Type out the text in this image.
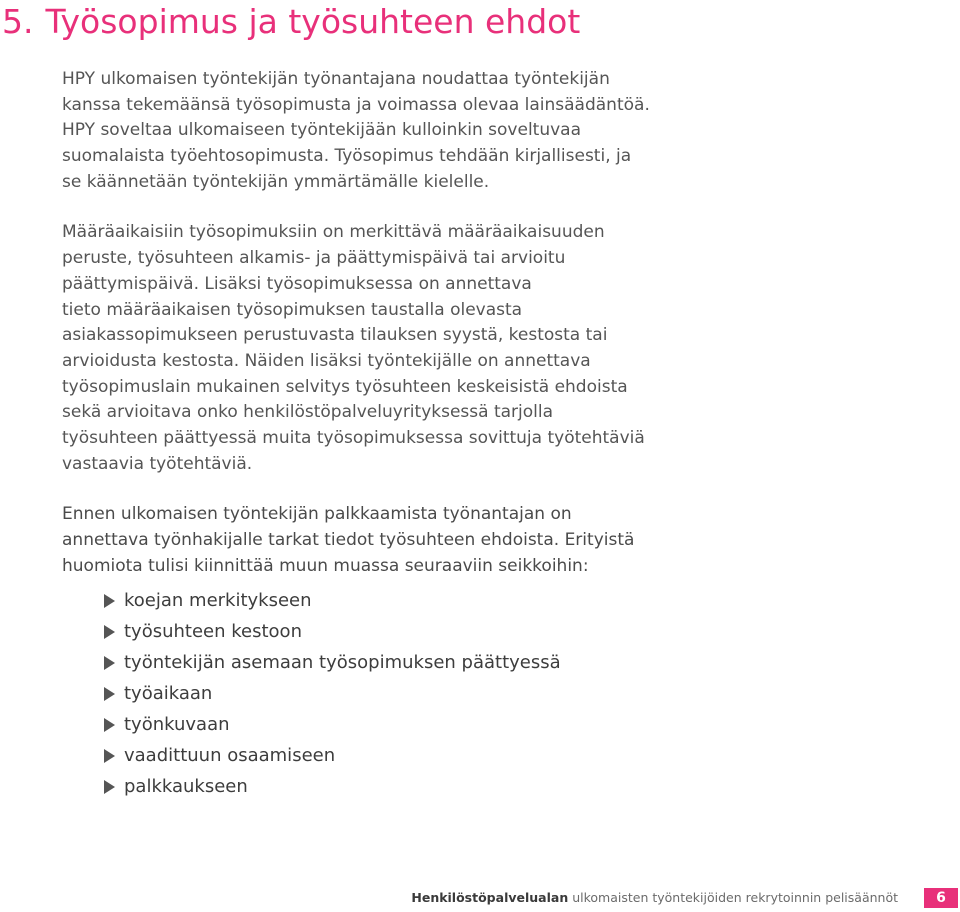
5. Työsopimus ja työsuhteen ehdot

HPY ulkomaisen työntekijän työnantajana noudattaa työntekijän
kanssa tekemäänsä työsopimusta ja voimassa olevaa lainsäädäntöä.
HPY soveltaa ulkomaiseen työntekijään kulloinkin soveltuvaa
suomalaista työehtosopimusta. Työsopimus tehdään kirjallisesti, ja
se käännetään työntekijän ymmärtämälle kielelle.

Määräaikaisiin työsopimuksiin on merkittävä määräaikaisuuden
peruste, työsuhteen alkamis- ja päättymispäivä tai arvioitu
päättymispäivä. Lisäksi työsopimuksessa on annettava
tieto määräaikaisen työsopimuksen taustalla olevasta
asiakassopimukseen perustuvasta tilauksen syystä, kestosta tai
arvioidusta kestosta. Näiden lisäksi työntekijälle on annettava
työsopimuslain mukainen selvitys työsuhteen keskeisistä ehdoista
sekä arvioitava onko henkilöstöpalveluyrityksessä tarjolla
työsuhteen päättyessä muita työsopimuksessa sovittuja työtehtäviä
vastaavia työtehtäviä.

Ennen ulkomaisen työntekijän palkkaamista työnantajan on
annettava työnhakijalle tarkat tiedot työsuhteen ehdoista. Erityistä
huomiota tulisi kiinnittää muun muassa seuraaviin seikkoihin:

koejan merkitykseen
työsuhteen kestoon
työntekijän asemaan työsopimuksen päättyessä
työaikaan
työnkuvaan
vaadittuun osaamiseen
palkkaukseen
Henkilöstöpalvelualan ulkomaisten työntekijöiden rekrytoinnin pelisäännöt	6
